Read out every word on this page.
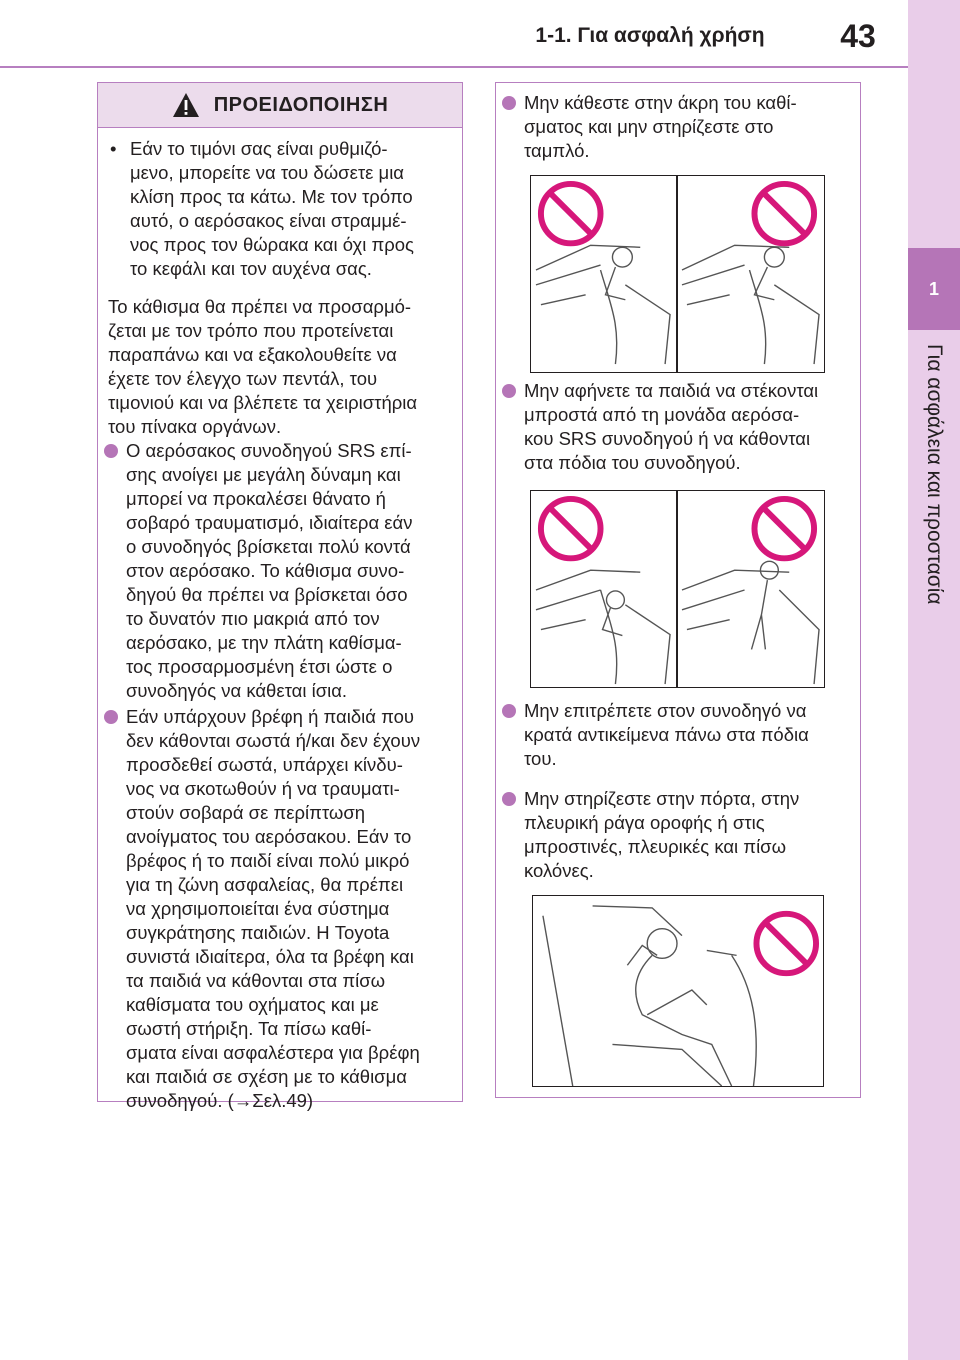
1-1. Για ασφαλή χρήση	43
1
Για ασφάλεια και προστασία
ΠΡΟΕΙΔΟΠΟΙΗΣΗ
• Εάν το τιμόνι σας είναι ρυθμιζό-
μενο, μπορείτε να του δώσετε μια
κλίση προς τα κάτω. Με τον τρόπο
αυτό, ο αερόσακος είναι στραμμέ-
νος προς τον θώρακα και όχι προς
το κεφάλι και τον αυχένα σας.
Το κάθισμα θα πρέπει να προσαρμό-
ζεται με τον τρόπο που προτείνεται
παραπάνω και να εξακολουθείτε να
έχετε τον έλεγχο των πεντάλ, του
τιμονιού και να βλέπετε τα χειριστήρια
του πίνακα οργάνων.
Ο αερόσακος συνοδηγού SRS επί-
σης ανοίγει με μεγάλη δύναμη και
μπορεί να προκαλέσει θάνατο ή
σοβαρό τραυματισμό, ιδιαίτερα εάν
ο συνοδηγός βρίσκεται πολύ κοντά
στον αερόσακο. Το κάθισμα συνο-
δηγού θα πρέπει να βρίσκεται όσο
το δυνατόν πιο μακριά από τον
αερόσακο, με την πλάτη καθίσμα-
τος προσαρμοσμένη έτσι ώστε ο
συνοδηγός να κάθεται ίσια.
Εάν υπάρχουν βρέφη ή παιδιά που
δεν κάθονται σωστά ή/και δεν έχουν
προσδεθεί σωστά, υπάρχει κίνδυ-
νος να σκοτωθούν ή να τραυματι-
στούν σοβαρά σε περίπτωση
ανοίγματος του αερόσακου. Εάν το
βρέφος ή το παιδί είναι πολύ μικρό
για τη ζώνη ασφαλείας, θα πρέπει
να χρησιμοποιείται ένα σύστημα
συγκράτησης παιδιών. Η Toyota
συνιστά ιδιαίτερα, όλα τα βρέφη και
τα παιδιά να κάθονται στα πίσω
καθίσματα του οχήματος και με
σωστή στήριξη. Τα πίσω καθί-
σματα είναι ασφαλέστερα για βρέφη
και παιδιά σε σχέση με το κάθισμα
συνοδηγού. (→Σελ.49)
Μην κάθεστε στην άκρη του καθί-
σματος και μην στηρίζεστε στο
ταμπλό.
Μην αφήνετε τα παιδιά να στέκονται
μπροστά από τη μονάδα αερόσα-
κου SRS συνοδηγού ή να κάθονται
στα πόδια του συνοδηγού.
Μην επιτρέπετε στον συνοδηγό να
κρατά αντικείμενα πάνω στα πόδια
του.
Μην στηρίζεστε στην πόρτα, στην
πλευρική ράγα οροφής ή στις
μπροστινές, πλευρικές και πίσω
κολόνες.
